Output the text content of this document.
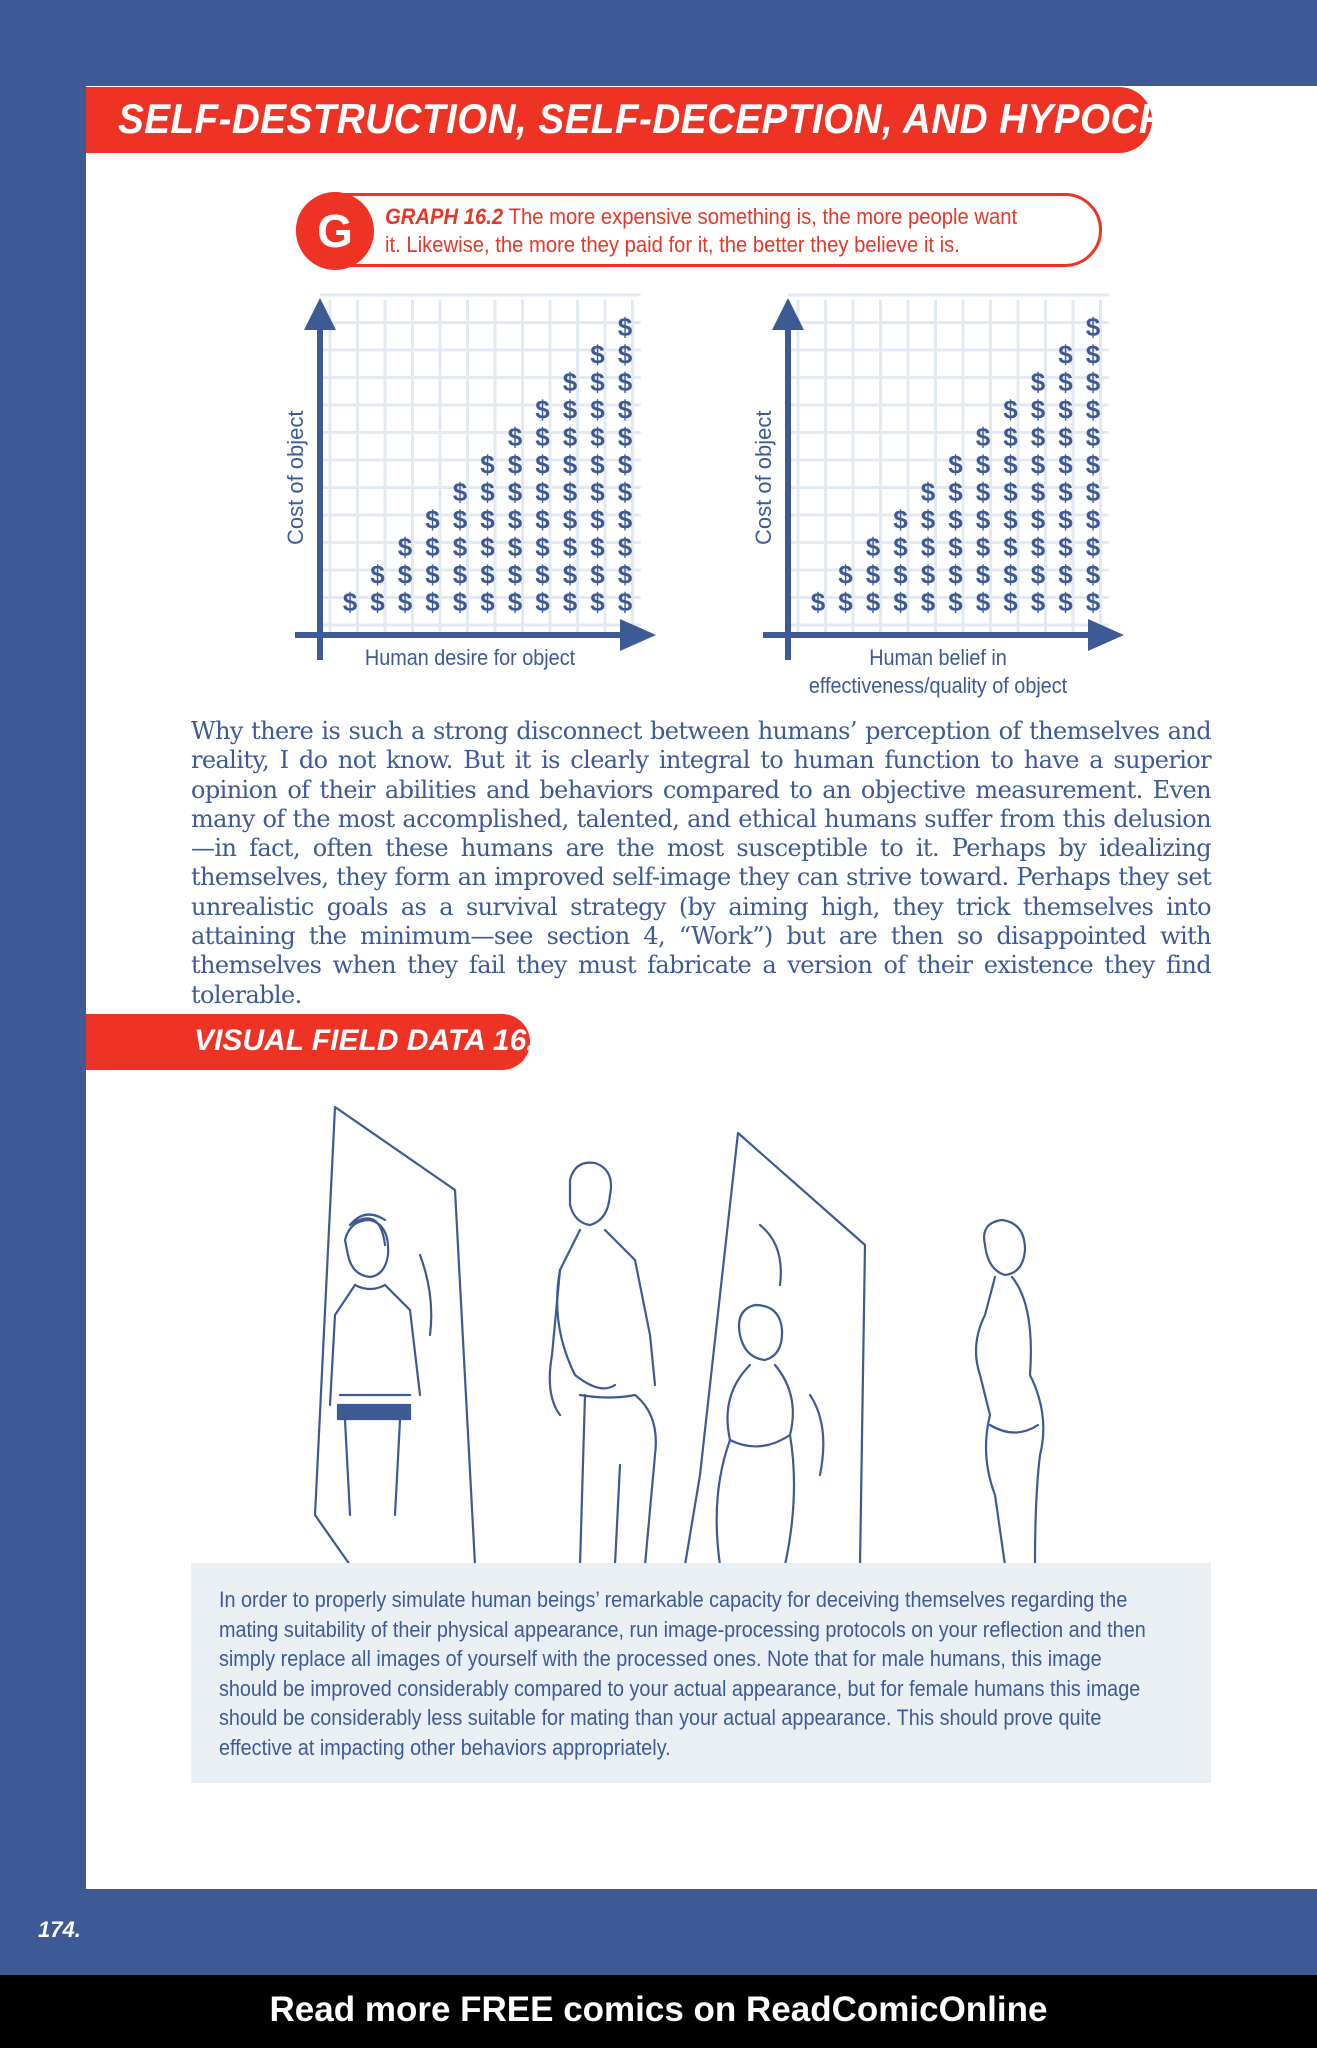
SELF-DESTRUCTION, SELF-DECEPTION, AND HYPOCRISY
G	GRAPH 16.2 The more expensive something is, the more people want it. Likewise, the more they paid for it, the better they believe it is.
$ $
$
$
$
$
$
$
$
$
$
$
$
$
$
$
$
$
$
$
$
$
$
$
$
$
$
$
$
$
$
$
$
$
$
$
$
$
$
$
$
$
$
$
$
$
$
$
$
$
$
$
$
$
$
$
$
$
$
$
$
$
$
$
$
$
Cost of object
Human desire for object
$ $
$
$
$
$
$
$
$
$
$
$
$
$
$
$
$
$
$
$
$
$
$
$
$
$
$
$
$
$
$
$
$
$
$
$
$
$
$
$
$
$
$
$
$
$
$
$
$
$
$
$
$
$
$
$
$
$
$
$
$
$
$
$
$
$
Cost of object
Human belief in
effectiveness/quality of object
Why there is such a strong disconnect between humans’ perception of themselves and reality, I do not know. But it is clearly integral to human function to have a superior opinion of their abilities and behaviors compared to an objective measurement. Even many of the most accomplished, talented, and ethical humans suffer from this delusion—in fact, often these humans are the most susceptible to it. Perhaps by idealizing themselves, they form an improved self-image they can strive toward. Perhaps they set unrealistic goals as a survival strategy (by aiming high, they trick themselves into attaining the minimum—see section 4, “Work”) but are then so disappointed with themselves when they fail they must fabricate a version of their existence they find tolerable.
VISUAL FIELD DATA 16.2
In order to properly simulate human beings’ remarkable capacity for deceiving themselves regarding the mating suitability of their physical appearance, run image-processing protocols on your reflection and then simply replace all images of yourself with the processed ones. Note that for male humans, this image should be improved considerably compared to your actual appearance, but for female humans this image should be considerably less suitable for mating than your actual appearance. This should prove quite effective at impacting other behaviors appropriately.
174.
Read more FREE comics on ReadComicOnline
